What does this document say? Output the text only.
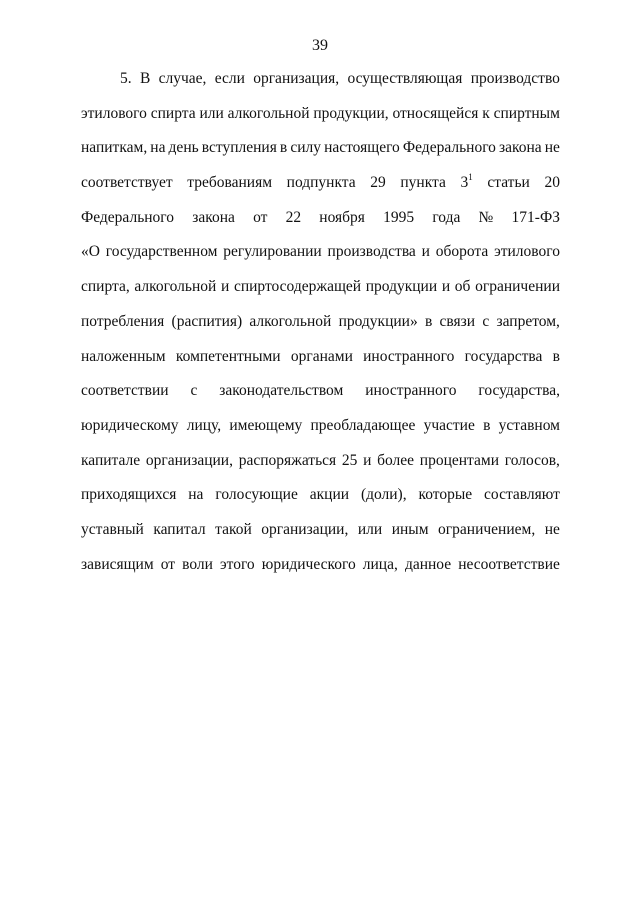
39
5. В случае, если организация, осуществляющая производство
этилового спирта или алкогольной продукции, относящейся к спиртным
напиткам, на день вступления в силу настоящего Федерального закона не
соответствует требованиям подпункта 29 пункта $3^1$ статьи 20
Федерального закона от 22 ноября 1995 года № 171-ФЗ
«О государственном регулировании производства и оборота этилового
спирта, алкогольной и спиртосодержащей продукции и об ограничении
потребления (распития) алкогольной продукции» в связи с запретом,
наложенным компетентными органами иностранного государства в
соответствии с законодательством иностранного государства,
юридическому лицу, имеющему преобладающее участие в уставном
капитале организации, распоряжаться 25 и более процентами голосов,
приходящихся на голосующие акции (доли), которые составляют
уставный капитал такой организации, или иным ограничением, не
зависящим от воли этого юридического лица, данное несоответствие
